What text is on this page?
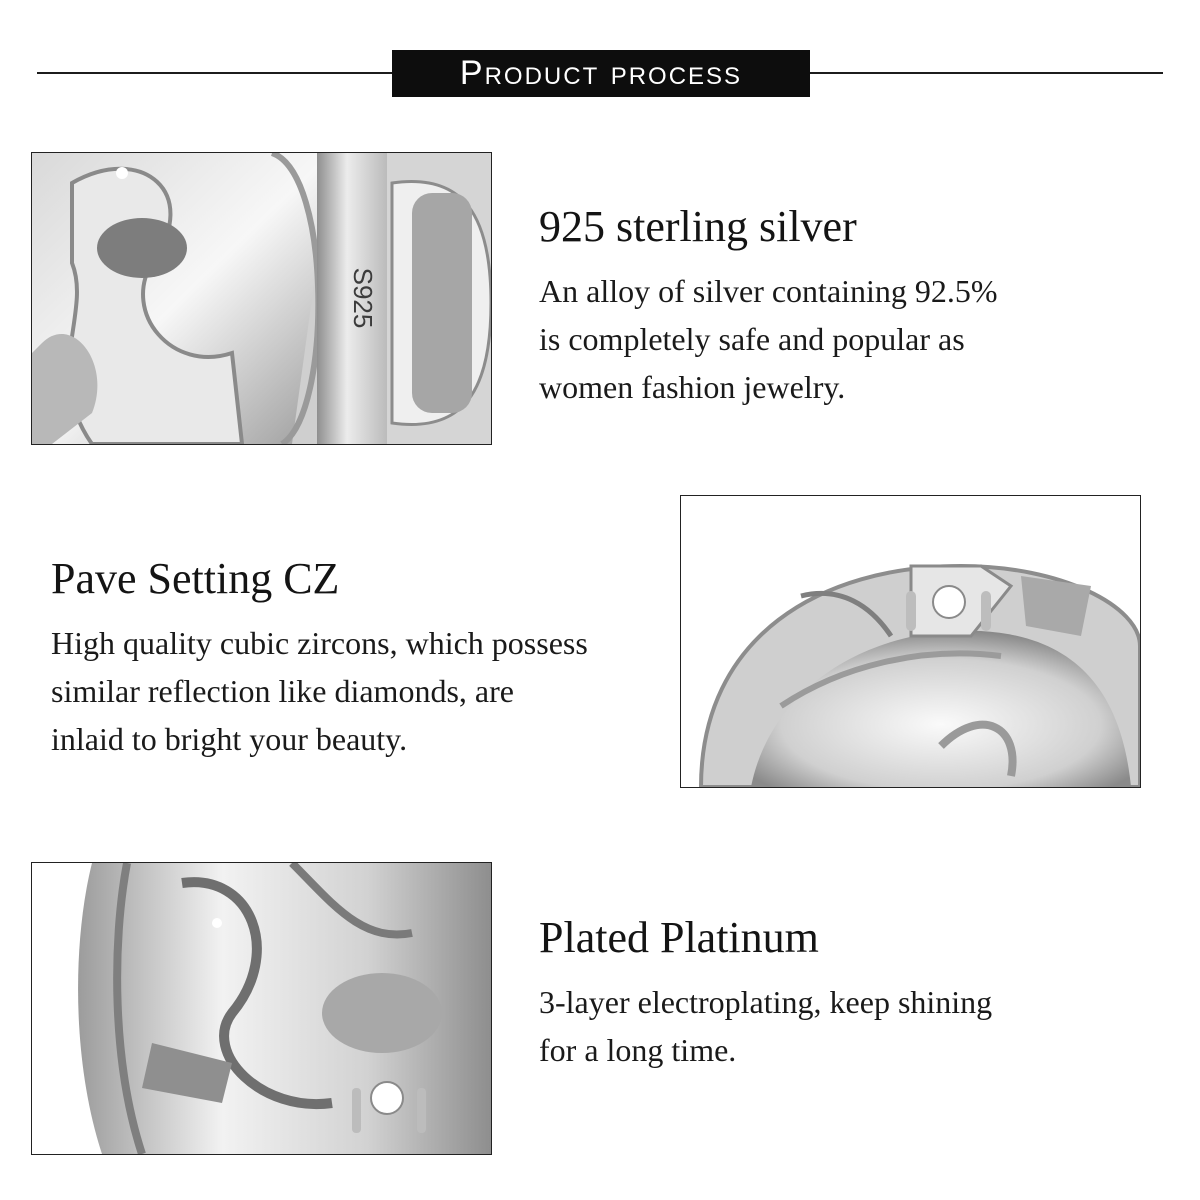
Product process
S925
925 sterling silver

An alloy of silver containing 92.5%
is completely safe and popular as
women fashion jewelry.

Pave Setting CZ

High quality cubic zircons, which possess
similar reflection like diamonds, are
inlaid to bright your beauty.

Plated Platinum

3-layer electroplating, keep shining
for a long time.
